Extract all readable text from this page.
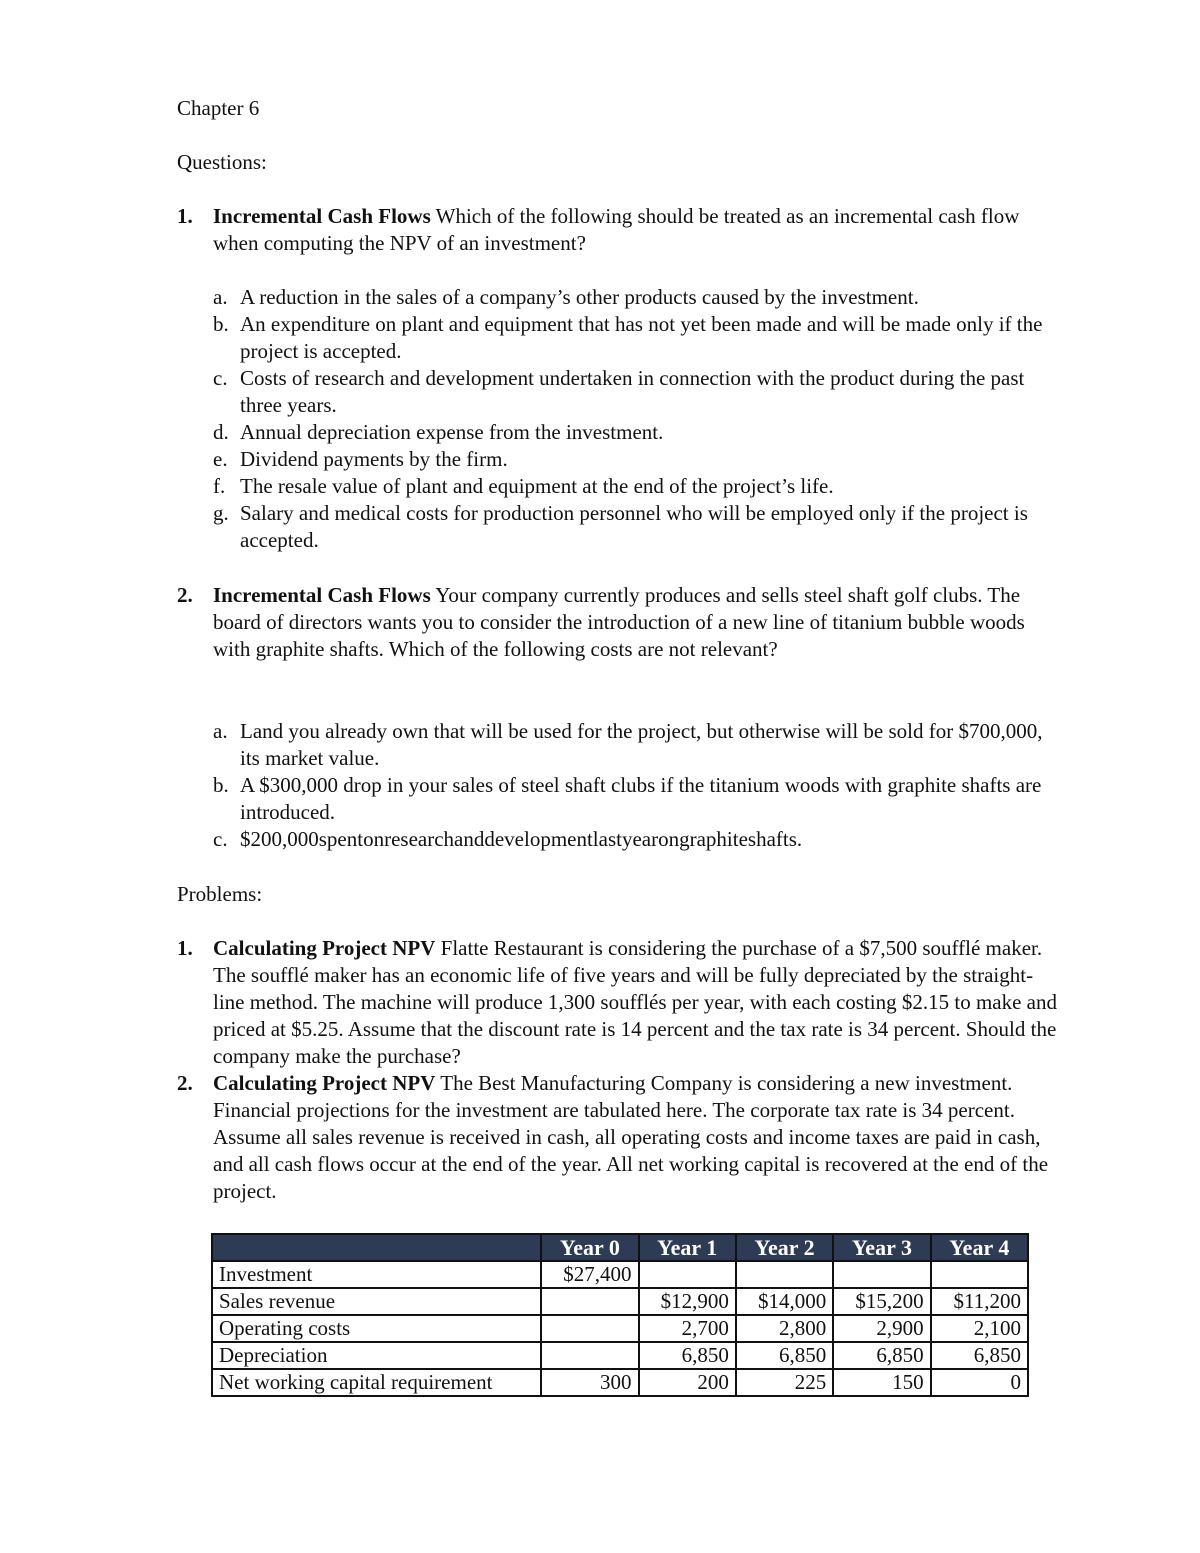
Chapter 6
Questions:
1. Incremental Cash Flows Which of the following should be treated as an incremental cash flow when computing the NPV of an investment?
a. A reduction in the sales of a company’s other products caused by the investment.
b. An expenditure on plant and equipment that has not yet been made and will be made only if the project is accepted.
c. Costs of research and development undertaken in connection with the product during the past three years.
d. Annual depreciation expense from the investment.
e. Dividend payments by the firm.
f. The resale value of plant and equipment at the end of the project’s life.
g. Salary and medical costs for production personnel who will be employed only if the project is accepted.
2. Incremental Cash Flows Your company currently produces and sells steel shaft golf clubs. The board of directors wants you to consider the introduction of a new line of titanium bubble woods with graphite shafts. Which of the following costs are not relevant?
a. Land you already own that will be used for the project, but otherwise will be sold for $700,000, its market value.
b. A $300,000 drop in your sales of steel shaft clubs if the titanium woods with graphite shafts are introduced.
c. $200,000spentonresearchanddevelopmentlastyearongraphiteshafts.
Problems:
1. Calculating Project NPV Flatte Restaurant is considering the purchase of a $7,500 soufflé maker. The soufflé maker has an economic life of five years and will be fully depreciated by the straight-line method. The machine will produce 1,300 soufflés per year, with each costing $2.15 to make and priced at $5.25. Assume that the discount rate is 14 percent and the tax rate is 34 percent. Should the company make the purchase?
2. Calculating Project NPV The Best Manufacturing Company is considering a new investment. Financial projections for the investment are tabulated here. The corporate tax rate is 34 percent. Assume all sales revenue is received in cash, all operating costs and income taxes are paid in cash, and all cash flows occur at the end of the year. All net working capital is recovered at the end of the project.
	Year 0	Year 1	Year 2	Year 3	Year 4
Investment	$27,400				
Sales revenue		$12,900	$14,000	$15,200	$11,200
Operating costs		2,700	2,800	2,900	2,100
Depreciation		6,850	6,850	6,850	6,850
Net working capital requirement	300	200	225	150	0
